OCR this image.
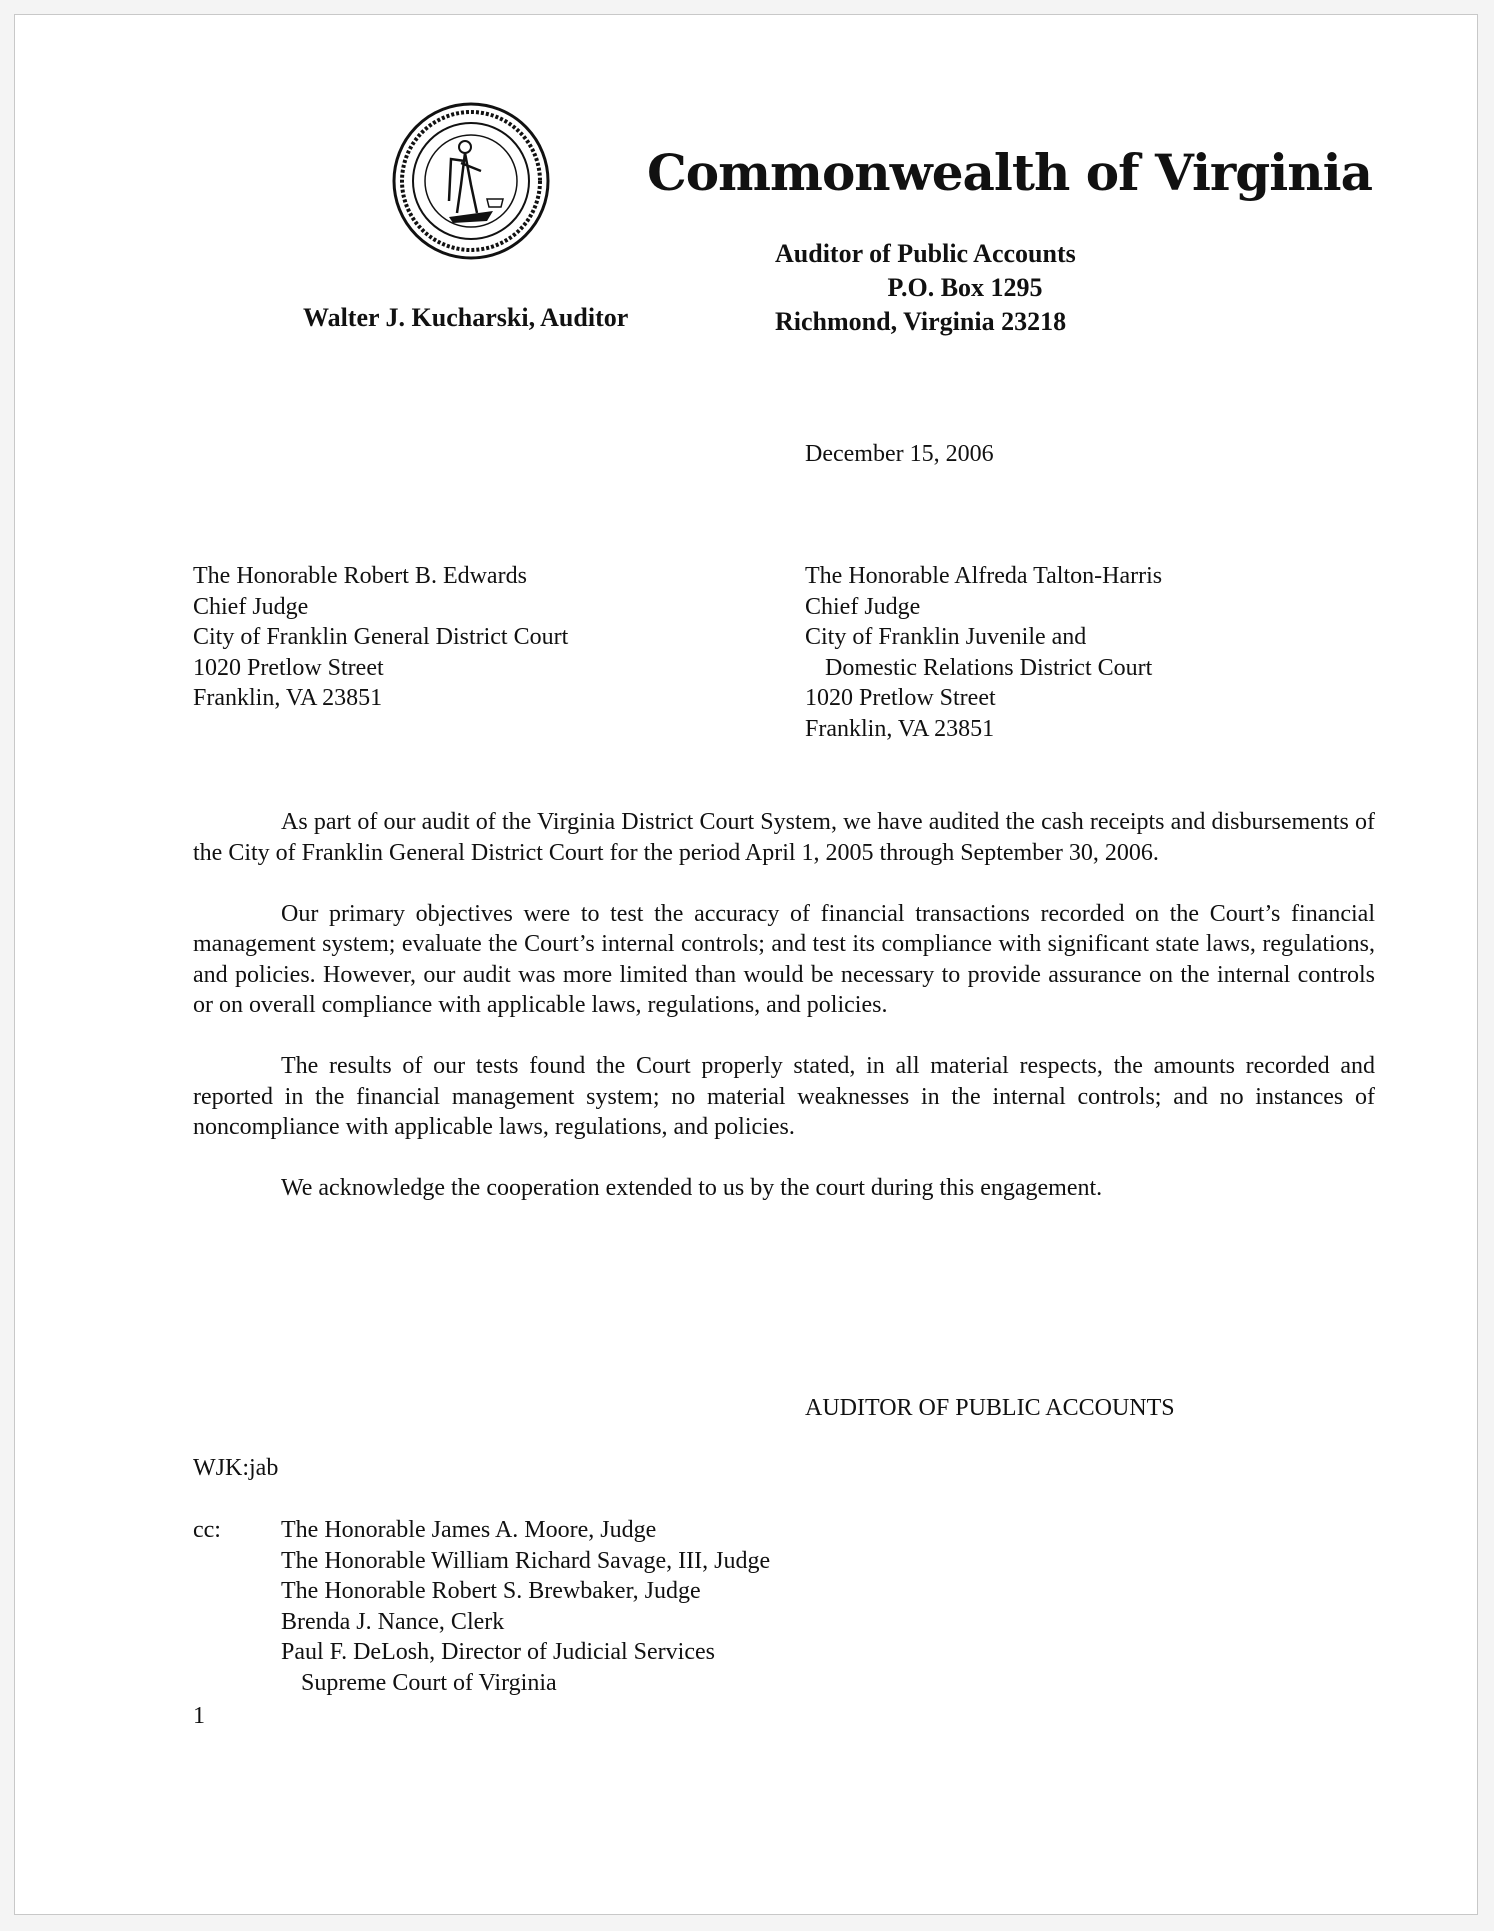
Commonwealth of Virginia
Auditor of Public Accounts
P.O. Box 1295
Richmond, Virginia 23218
Walter J. Kucharski, Auditor
December 15, 2006
The Honorable Robert B. Edwards
Chief Judge
City of Franklin General District Court
1020 Pretlow Street
Franklin, VA 23851
The Honorable Alfreda Talton-Harris
Chief Judge
City of Franklin Juvenile and
Domestic Relations District Court
1020 Pretlow Street
Franklin, VA 23851

As part of our audit of the Virginia District Court System, we have audited the cash receipts and disbursements of the City of Franklin General District Court for the period April 1, 2005 through September 30, 2006.

Our primary objectives were to test the accuracy of financial transactions recorded on the Court’s financial management system; evaluate the Court’s internal controls; and test its compliance with significant state laws, regulations, and policies. However, our audit was more limited than would be necessary to provide assurance on the internal controls or on overall compliance with applicable laws, regulations, and policies.

The results of our tests found the Court properly stated, in all material respects, the amounts recorded and reported in the financial management system; no material weaknesses in the internal controls; and no instances of noncompliance with applicable laws, regulations, and policies.

We acknowledge the cooperation extended to us by the court during this engagement.

AUDITOR OF PUBLIC ACCOUNTS
WJK:jab
cc:	The Honorable James A. Moore, Judge
The Honorable William Richard Savage, III, Judge
The Honorable Robert S. Brewbaker, Judge
Brenda J. Nance, Clerk
Paul F. DeLosh, Director of Judicial Services
Supreme Court of Virginia
1
